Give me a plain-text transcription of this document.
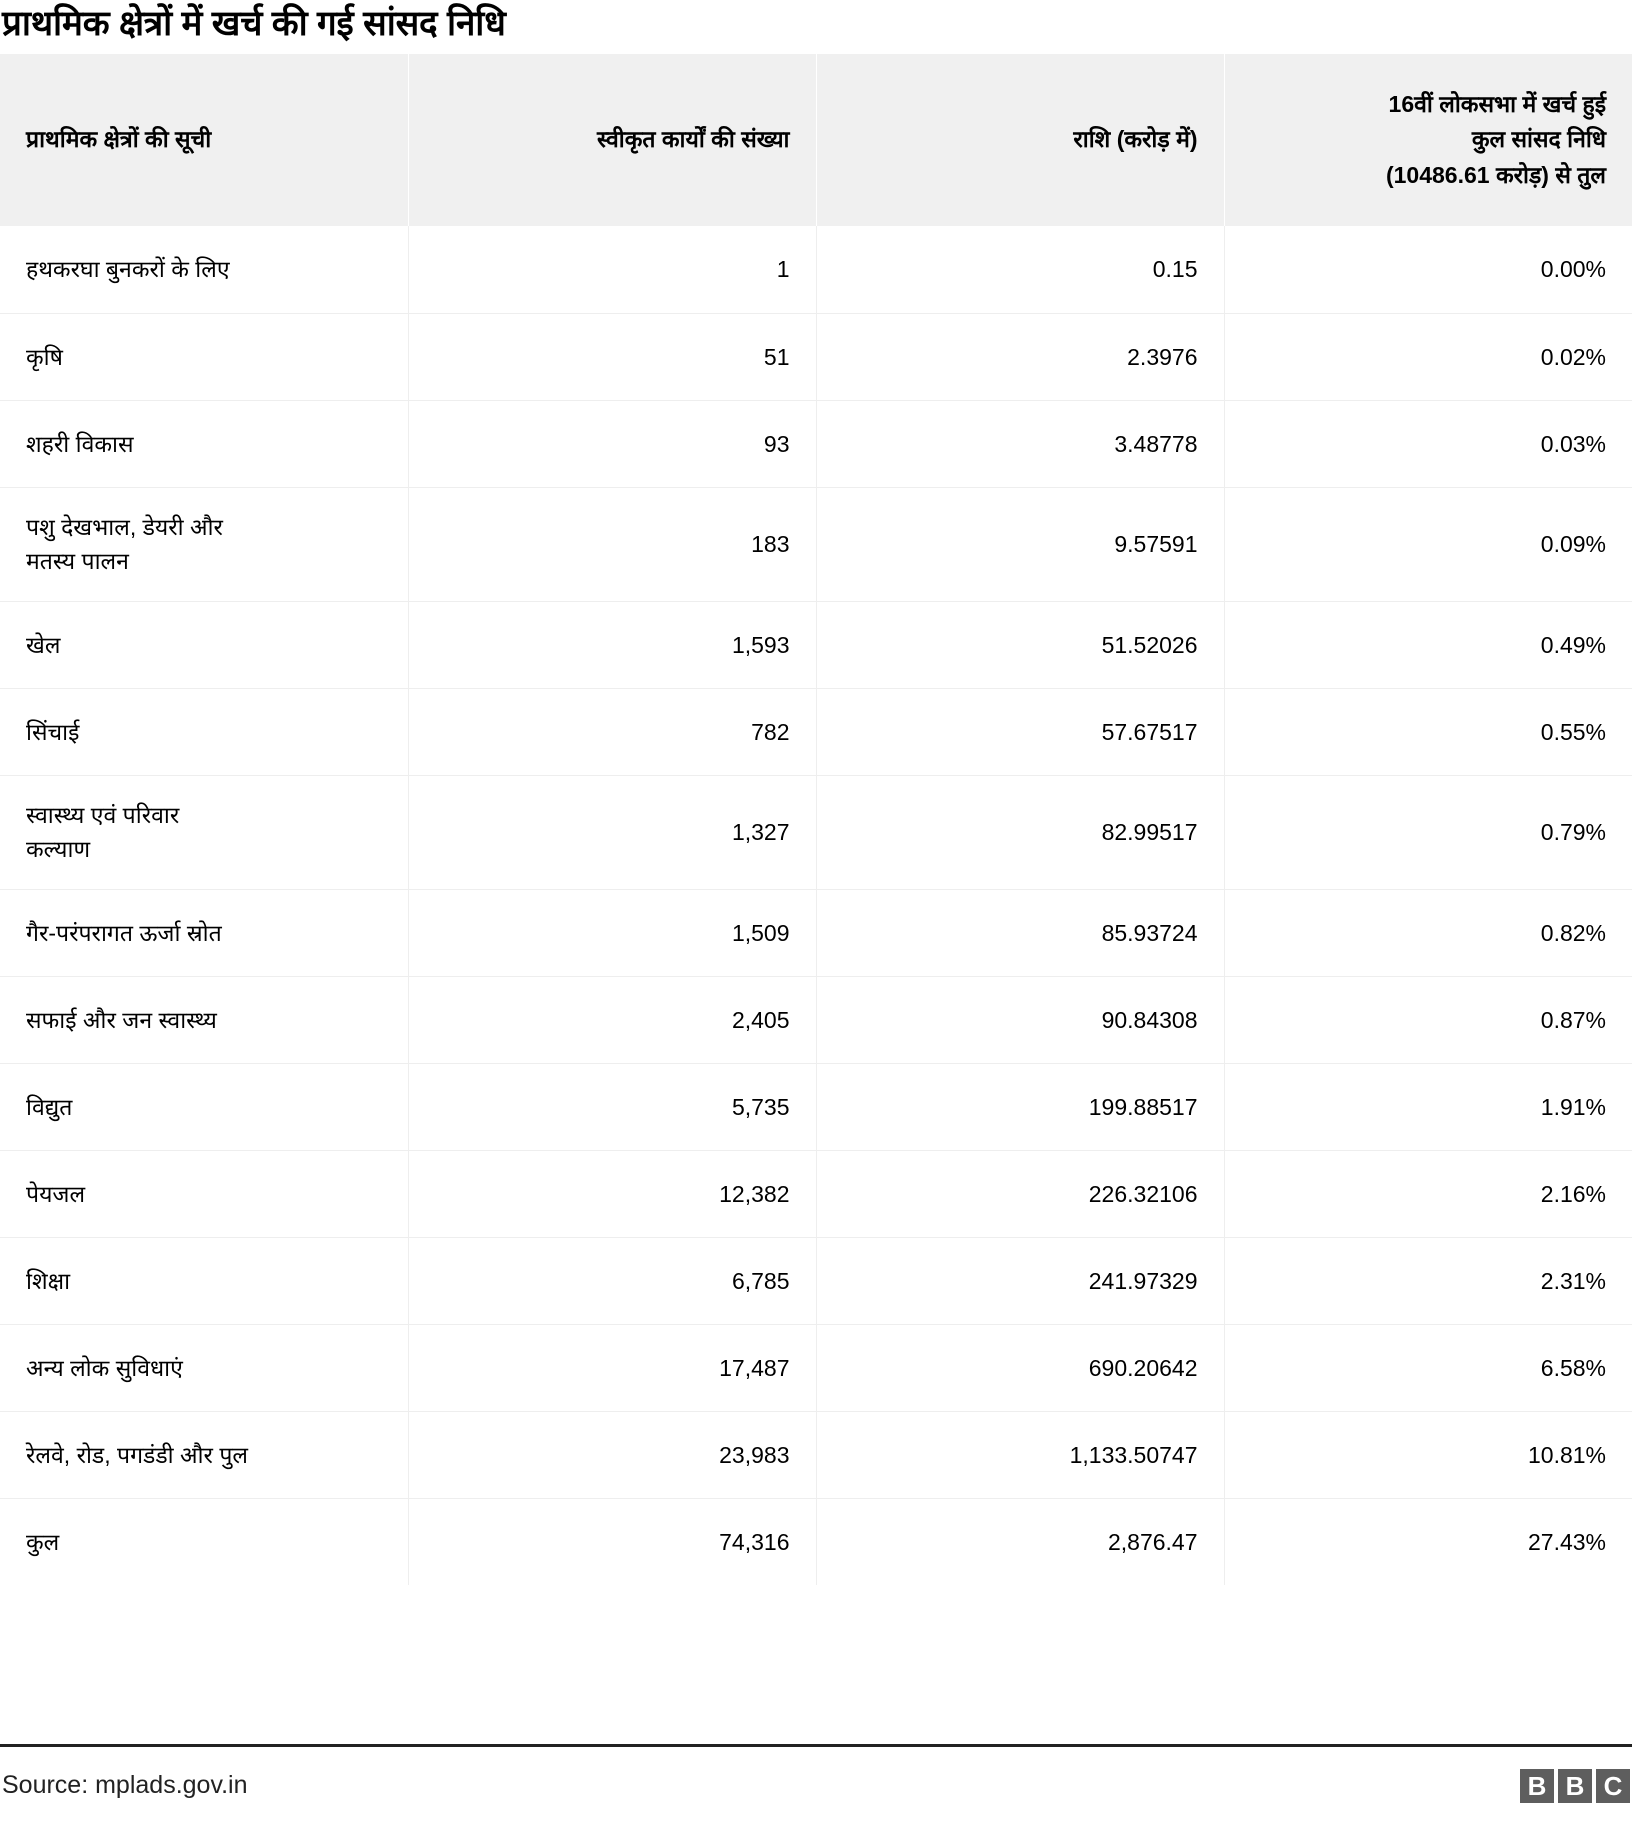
प्राथमिक क्षेत्रों में खर्च की गई सांसद निधि
प्राथमिक क्षेत्रों की सूची	स्वीकृत कार्यों की संख्या	राशि (करोड़ में)	16वीं लोकसभा में खर्च हुई
कुल सांसद निधि
(10486.61 करोड़) से तुल

हथकरघा बुनकरों के लिए	1	0.15	0.00%

कृषि	51	2.3976	0.02%

शहरी विकास	93	3.48778	0.03%

पशु देखभाल, डेयरी और
मतस्य पालन	183	9.57591	0.09%

खेल	1,593	51.52026	0.49%

सिंचाई	782	57.67517	0.55%

स्वास्थ्य एवं परिवार
कल्याण	1,327	82.99517	0.79%

गैर-परंपरागत ऊर्जा स्रोत	1,509	85.93724	0.82%

सफाई और जन स्वास्थ्य	2,405	90.84308	0.87%

विद्युत	5,735	199.88517	1.91%

पेयजल	12,382	226.32106	2.16%

शिक्षा	6,785	241.97329	2.31%

अन्य लोक सुविधाएं	17,487	690.20642	6.58%

रेलवे, रोड, पगडंडी और पुल	23,983	1,133.50747	10.81%

कुल	74,316	2,876.47	27.43%
Source: mplads.gov.in	B B C
